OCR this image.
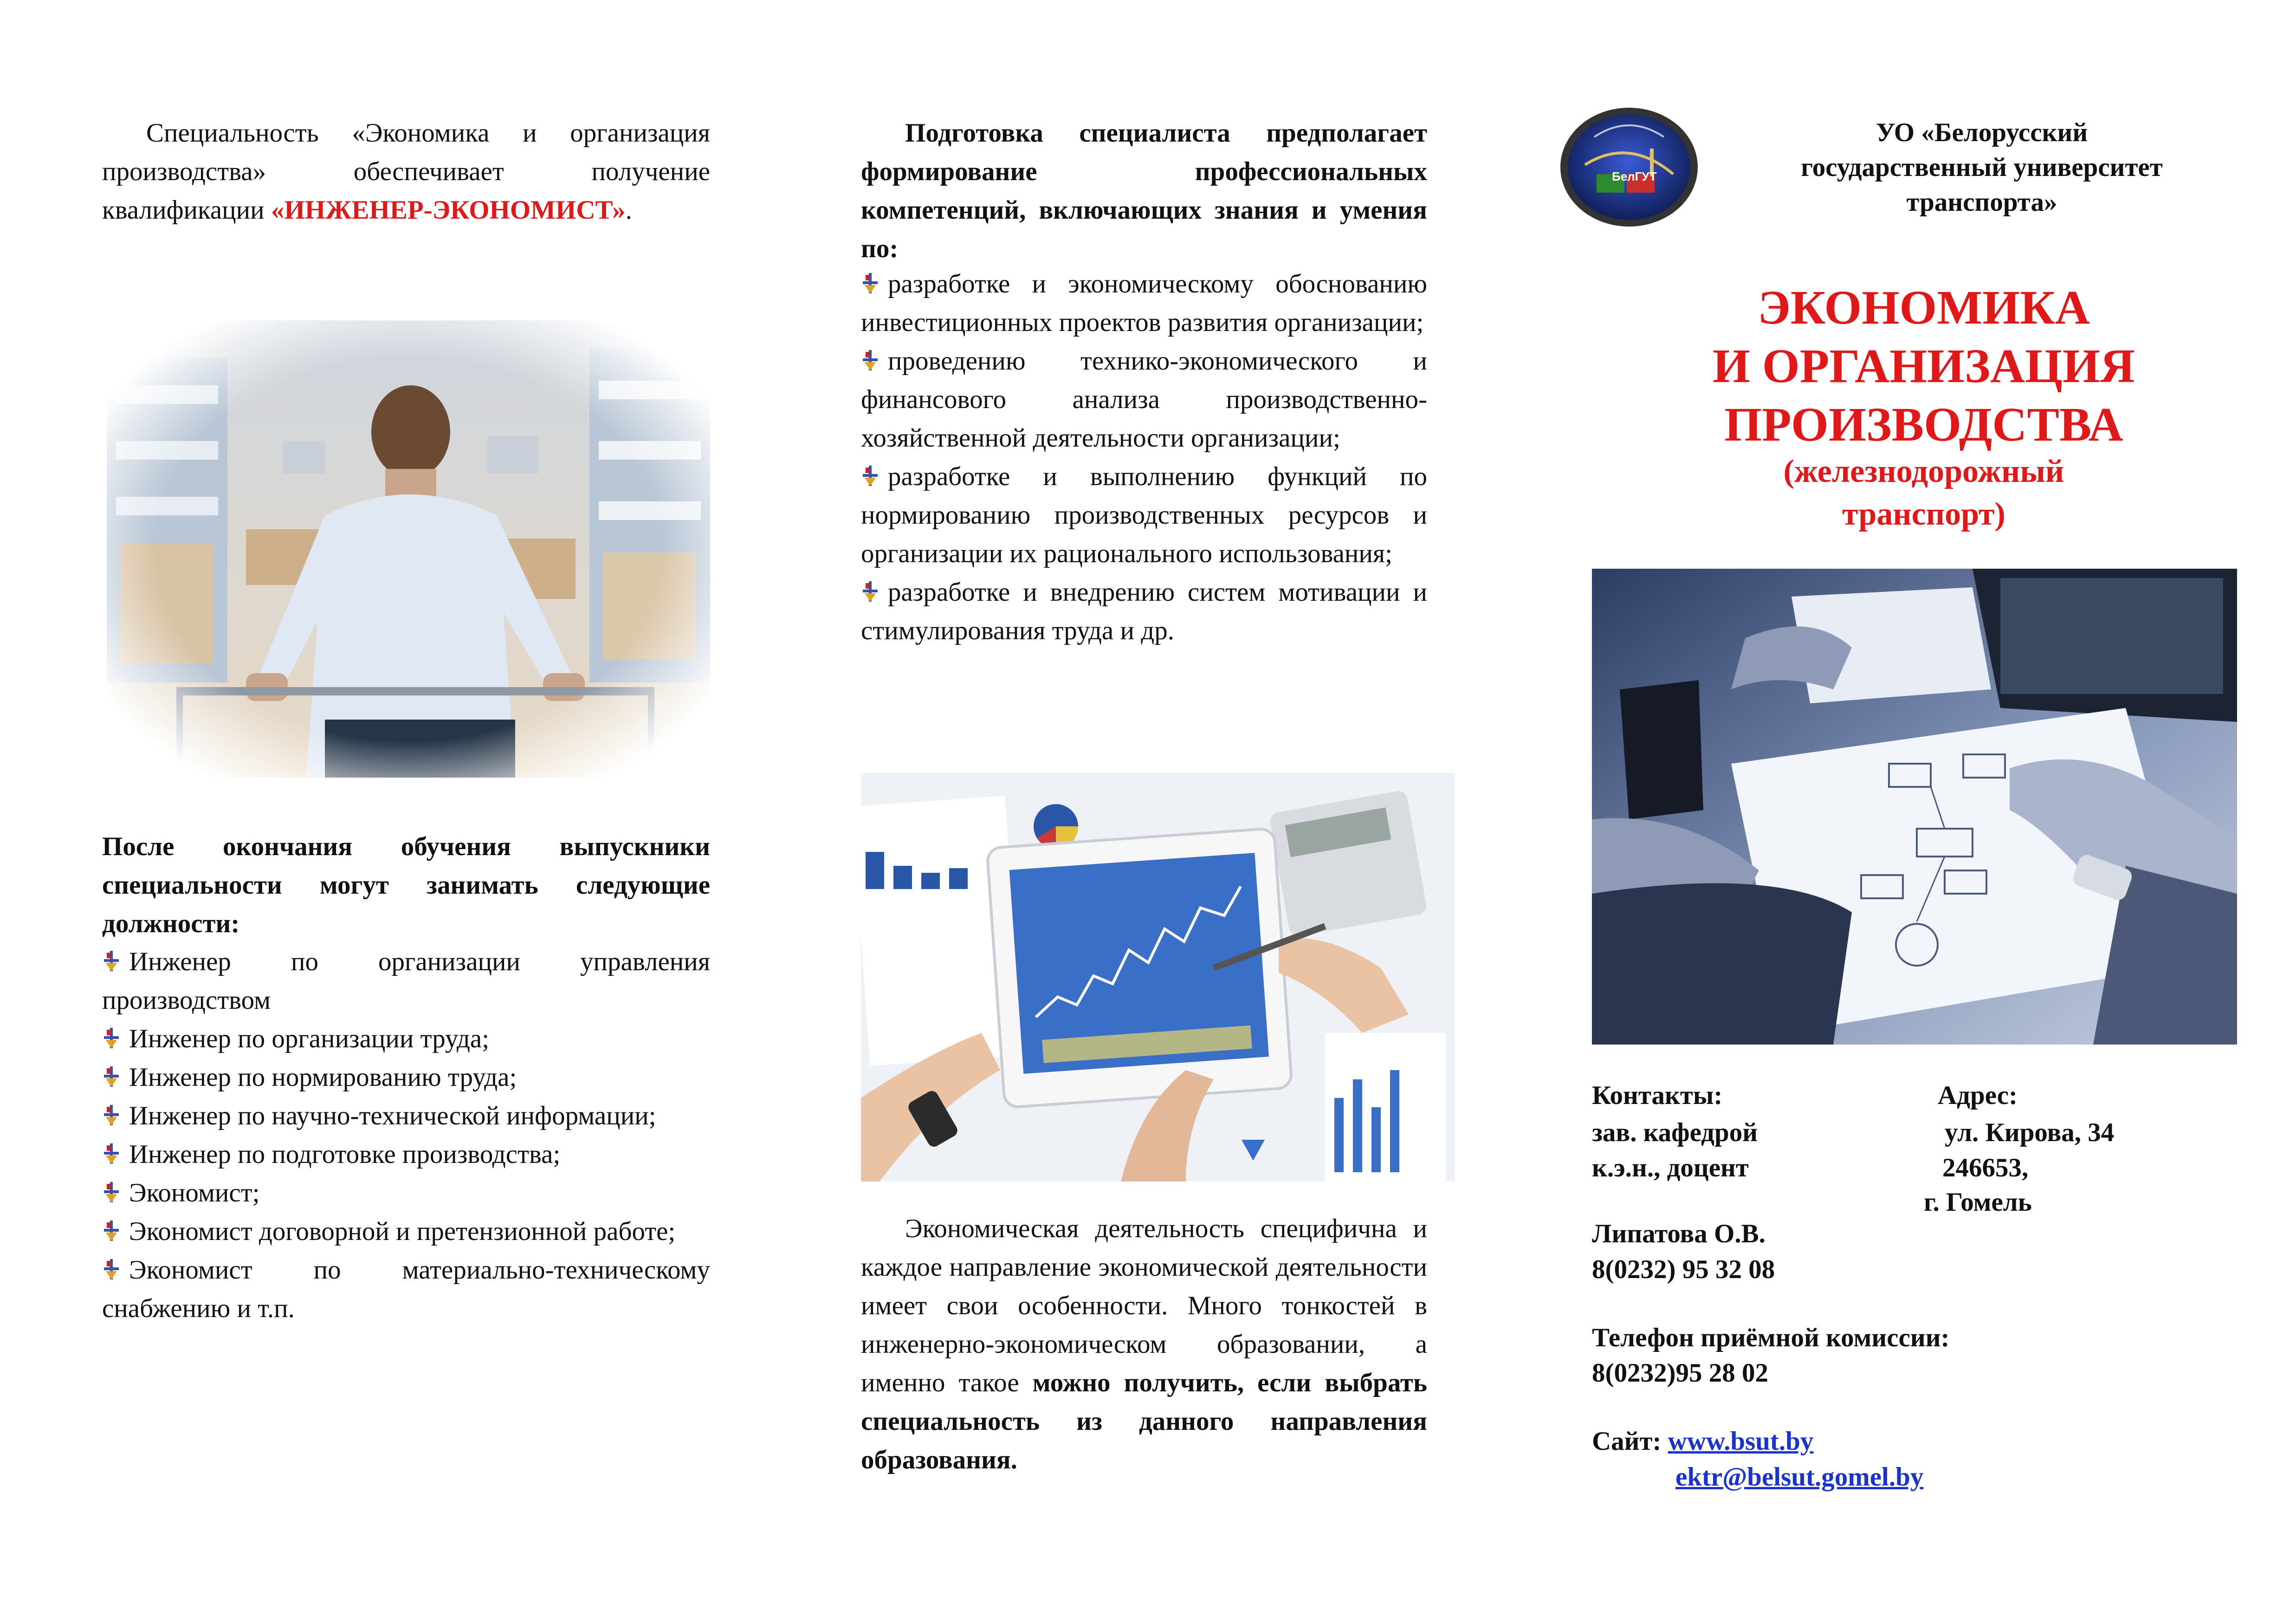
Специальность «Экономика и организация производства» обеспечивает получение квалификации «ИНЖЕНЕР-ЭКОНОМИСТ».

После окончания обучения выпускники специальности могут занимать следующие должности:

Инженер по организации управления производством

Инженер по организации труда;

Инженер по нормированию труда;

Инженер по научно-технической информации;

Инженер по подготовке производства;

Экономист;

Экономист договорной и претензионной работе;

Экономист по материально-техническому снабжению и т.п.

Подготовка специалиста предполагает формирование профессиональных компетенций, включающих знания и умения по:

разработке и экономическому обоснованию инвестиционных проектов развития организации;

проведению технико-экономического и финансового анализа производственно-хозяйственной деятельности организации;

разработке и выполнению функций по нормированию производственных ресурсов и организации их рационального использования;

разработке и внедрению систем мотивации и стимулирования труда и др.

Экономическая деятельность специфична и каждое направление экономической деятельности имеет свои особенности. Много тонкостей в инженерно-экономическом образовании, а именно такое можно получить, если выбрать специальность из данного направления образования.

БелГУТ
УО «Белорусский
государственный университет
транспорта»
ЭКОНОМИКА
И ОРГАНИЗАЦИЯ
ПРОИЗВОДСТВА
(железнодорожный
транспорт)
Контакты:
зав. кафедрой
к.э.н., доцент
Адрес:
ул. Кирова, 34
246653,
г. Гомель
Липатова О.В.
8(0232) 95 32 08
Телефон приёмной комиссии:
8(0232)95 28 02
Сайт: www.bsut.by
ektr@belsut.gomel.by
